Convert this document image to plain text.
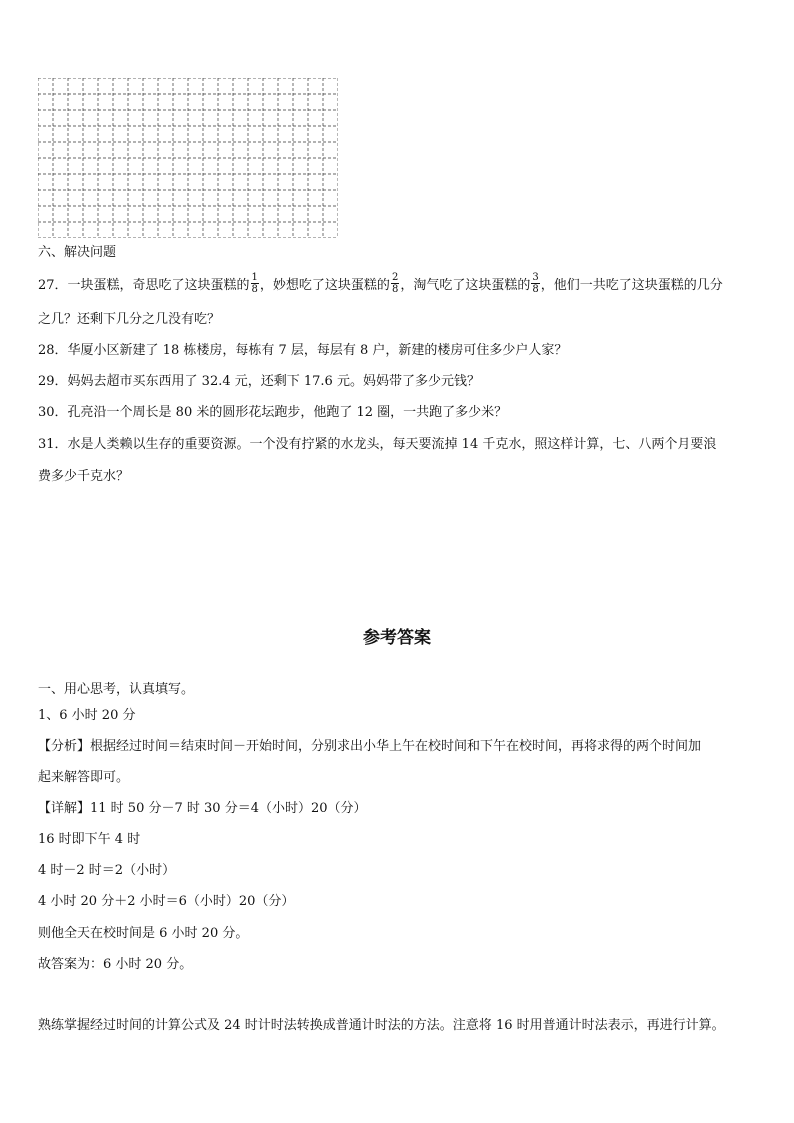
六、解决问题
27．一块蛋糕，奇思吃了这块蛋糕的 $\frac{1}{8}$ ，妙想吃了这块蛋糕的 $\frac{2}{8}$ ，淘气吃了这块蛋糕的 $\frac{3}{8}$ ，他们一共吃了这块蛋糕的几分
之几？还剩下几分之几没有吃？
28．华厦小区新建了 18 栋楼房，每栋有 7 层，每层有 8 户，新建的楼房可住多少户人家？
29．妈妈去超市买东西用了 32.4 元，还剩下 17.6 元。妈妈带了多少元钱？
30．孔亮沿一个周长是 80 米的圆形花坛跑步，他跑了 12 圈，一共跑了多少米？
31．水是人类赖以生存的重要资源。一个没有拧紧的水龙头，每天要流掉 14 千克水，照这样计算，七、八两个月要浪
费多少千克水？
参考答案
一、用心思考，认真填写。
1、6 小时 20 分
【分析】根据经过时间＝结束时间－开始时间，分别求出小华上午在校时间和下午在校时间，再将求得的两个时间加
起来解答即可。
【详解】11 时 50 分－7 时 30 分＝4（小时）20（分）
16 时即下午 4 时
4 时－2 时＝2（小时）
4 小时 20 分＋2 小时＝6（小时）20（分）
则他全天在校时间是 6 小时 20 分。
故答案为：6 小时 20 分。
熟练掌握经过时间的计算公式及 24 时计时法转换成普通计时法的方法。注意将 16 时用普通计时法表示，再进行计算。
